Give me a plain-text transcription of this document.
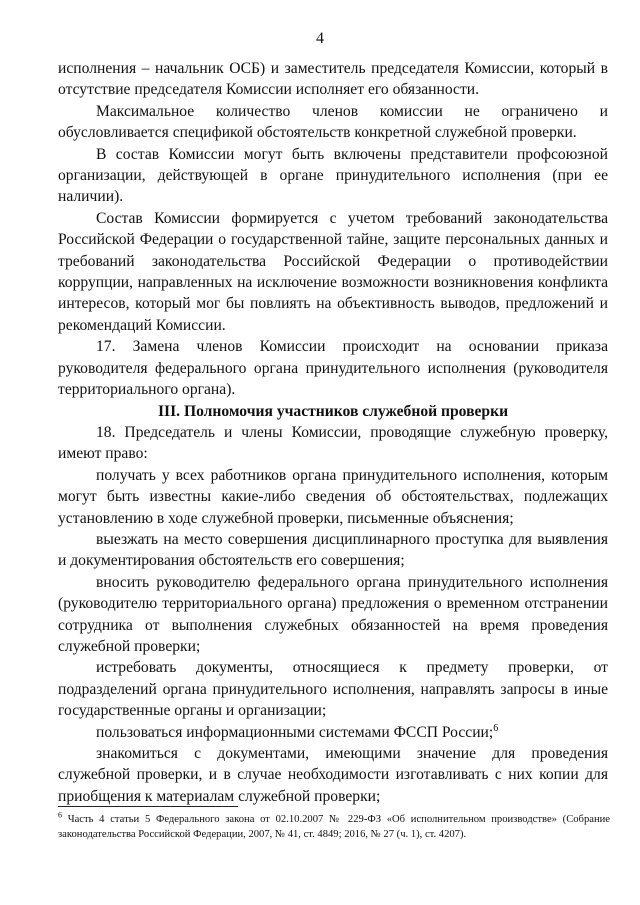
4

исполнения – начальник ОСБ) и заместитель председателя Комиссии, который в отсутствие председателя Комиссии исполняет его обязанности.

Максимальное количество членов комиссии не ограничено и обусловливается спецификой обстоятельств конкретной служебной проверки.

В состав Комиссии могут быть включены представители профсоюзной организации, действующей в органе принудительного исполнения (при ее наличии).

Состав Комиссии формируется с учетом требований законодательства Российской Федерации о государственной тайне, защите персональных данных и требований законодательства Российской Федерации о противодействии коррупции, направленных на исключение возможности возникновения конфликта интересов, который мог бы повлиять на объективность выводов, предложений и рекомендаций Комиссии.

17. Замена членов Комиссии происходит на основании приказа руководителя федерального органа принудительного исполнения (руководителя территориального органа).

III. Полномочия участников служебной проверки

18. Председатель и члены Комиссии, проводящие служебную проверку, имеют право:

получать у всех работников органа принудительного исполнения, которым могут быть известны какие-либо сведения об обстоятельствах, подлежащих установлению в ходе служебной проверки, письменные объяснения;

выезжать на место совершения дисциплинарного проступка для выявления и документирования обстоятельств его совершения;

вносить руководителю федерального органа принудительного исполнения (руководителю территориального органа) предложения о временном отстранении сотрудника от выполнения служебных обязанностей на время проведения служебной проверки;

истребовать документы, относящиеся к предмету проверки, от подразделений органа принудительного исполнения, направлять запросы в иные государственные органы и организации;

пользоваться информационными системами ФССП России;$^6$

знакомиться с документами, имеющими значение для проведения служебной проверки, и в случае необходимости изготавливать с них копии для приобщения к материалам служебной проверки;

$^6$ Часть 4 статьи 5 Федерального закона от 02.10.2007 № 229-ФЗ «Об исполнительном производстве» (Собрание законодательства Российской Федерации, 2007, № 41, ст. 4849; 2016, № 27 (ч. 1), ст. 4207).
